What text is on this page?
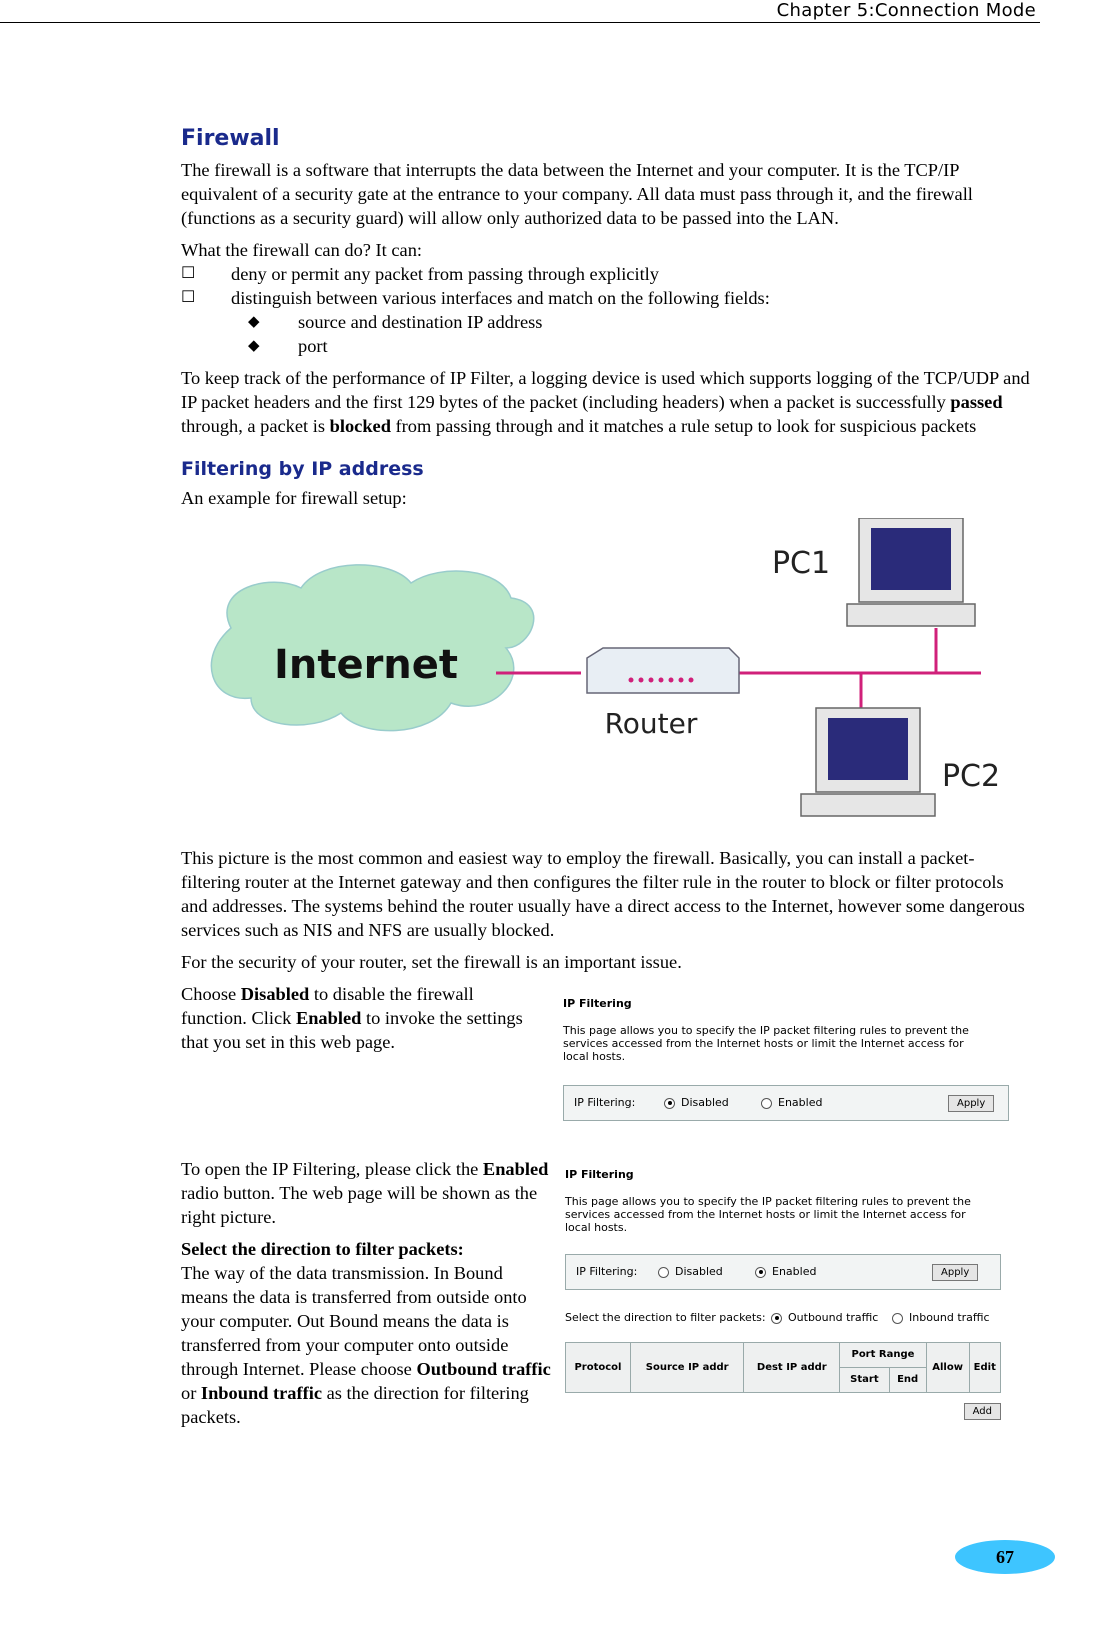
Chapter 5:Connection Mode
Firewall

The firewall is a software that interrupts the data between the Internet and your computer. It is the TCP/IP equivalent of a security gate at the entrance to your company. All data must pass through it, and the firewall (functions as a security guard) will allow only authorized data to be passed into the LAN.

What the firewall can do? It can:

☐ deny or permit any packet from passing through explicitly
☐ distinguish between various interfaces and match on the following fields:
◆ source and destination IP address
◆ port

To keep track of the performance of IP Filter, a logging device is used which supports logging of the TCP/UDP and IP packet headers and the first 129 bytes of the packet (including headers) when a packet is successfully passed through, a packet is blocked from passing through and it matches a rule setup to look for suspicious packets

Filtering by IP address

An example for firewall setup:

Internet
Router
PC1
PC2

This picture is the most common and easiest way to employ the firewall. Basically, you can install a packet-filtering router at the Internet gateway and then configures the filter rule in the router to block or filter protocols and addresses. The systems behind the router usually have a direct access to the Internet, however some dangerous services such as NIS and NFS are usually blocked.

For the security of your router, set the firewall is an important issue.

Choose Disabled to disable the firewall function. Click Enabled to invoke the settings that you set in this web page.

IP Filtering
This page allows you to specify the IP packet filtering rules to prevent the services accessed from the Internet hosts or limit the Internet access for local hosts.
IP Filtering:	Disabled	Enabled	Apply

To open the IP Filtering, please click the Enabled radio button. The web page will be shown as the right picture.

Select the direction to filter packets:
The way of the data transmission. In Bound means the data is transferred from outside onto your computer. Out Bound means the data is transferred from your computer onto outside through Internet. Please choose Outbound traffic or Inbound traffic as the direction for filtering packets.

IP Filtering
This page allows you to specify the IP packet filtering rules to prevent the services accessed from the Internet hosts or limit the Internet access for local hosts.
IP Filtering:	Disabled	Enabled	Apply
Select the direction to filter packets:	Outbound traffic	Inbound traffic
Protocol	Source IP addr	Dest IP addr	Port Range		Allow	Edit
			Start	End		
Add
67
